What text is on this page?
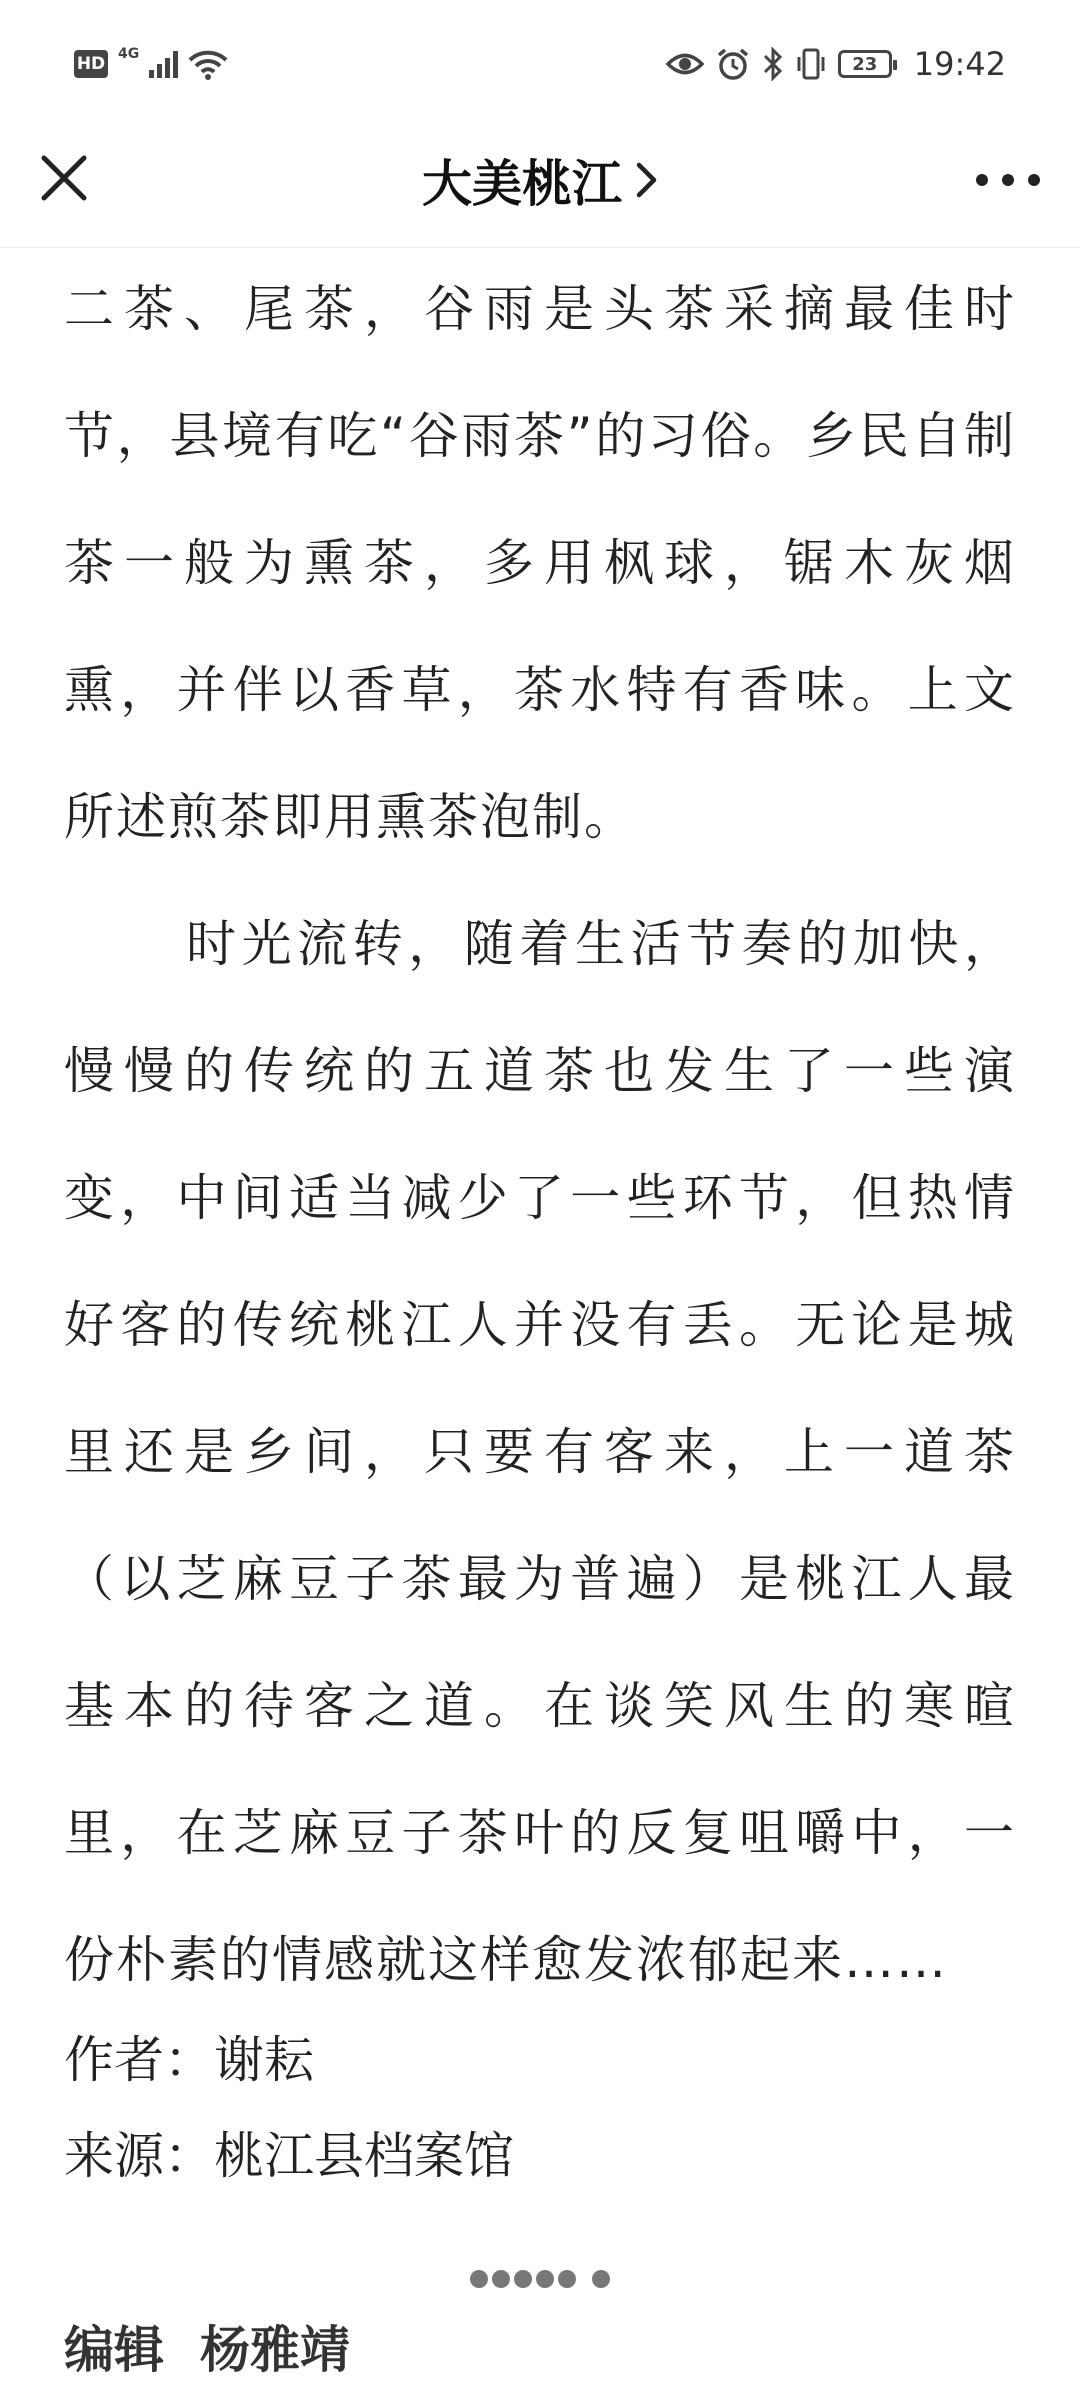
HD 4G	23	19:42
大美桃江
二茶、尾茶，谷雨是头茶采摘最佳时
节，县境有吃“谷雨茶”的习俗。乡民自制
茶一般为熏茶，多用枫球，锯木灰烟
熏，并伴以香草，茶水特有香味。上文
所述煎茶即用熏茶泡制。
时光流转，随着生活节奏的加快，
慢慢的传统的五道茶也发生了一些演
变，中间适当减少了一些环节，但热情
好客的传统桃江人并没有丢。无论是城
里还是乡间，只要有客来，上一道茶
（以芝麻豆子茶最为普遍）是桃江人最
基本的待客之道。在谈笑风生的寒暄
里，在芝麻豆子茶叶的反复咀嚼中，一
份朴素的情感就这样愈发浓郁起来……
作者：谢耘
来源：桃江县档案馆
编辑 杨雅靖
